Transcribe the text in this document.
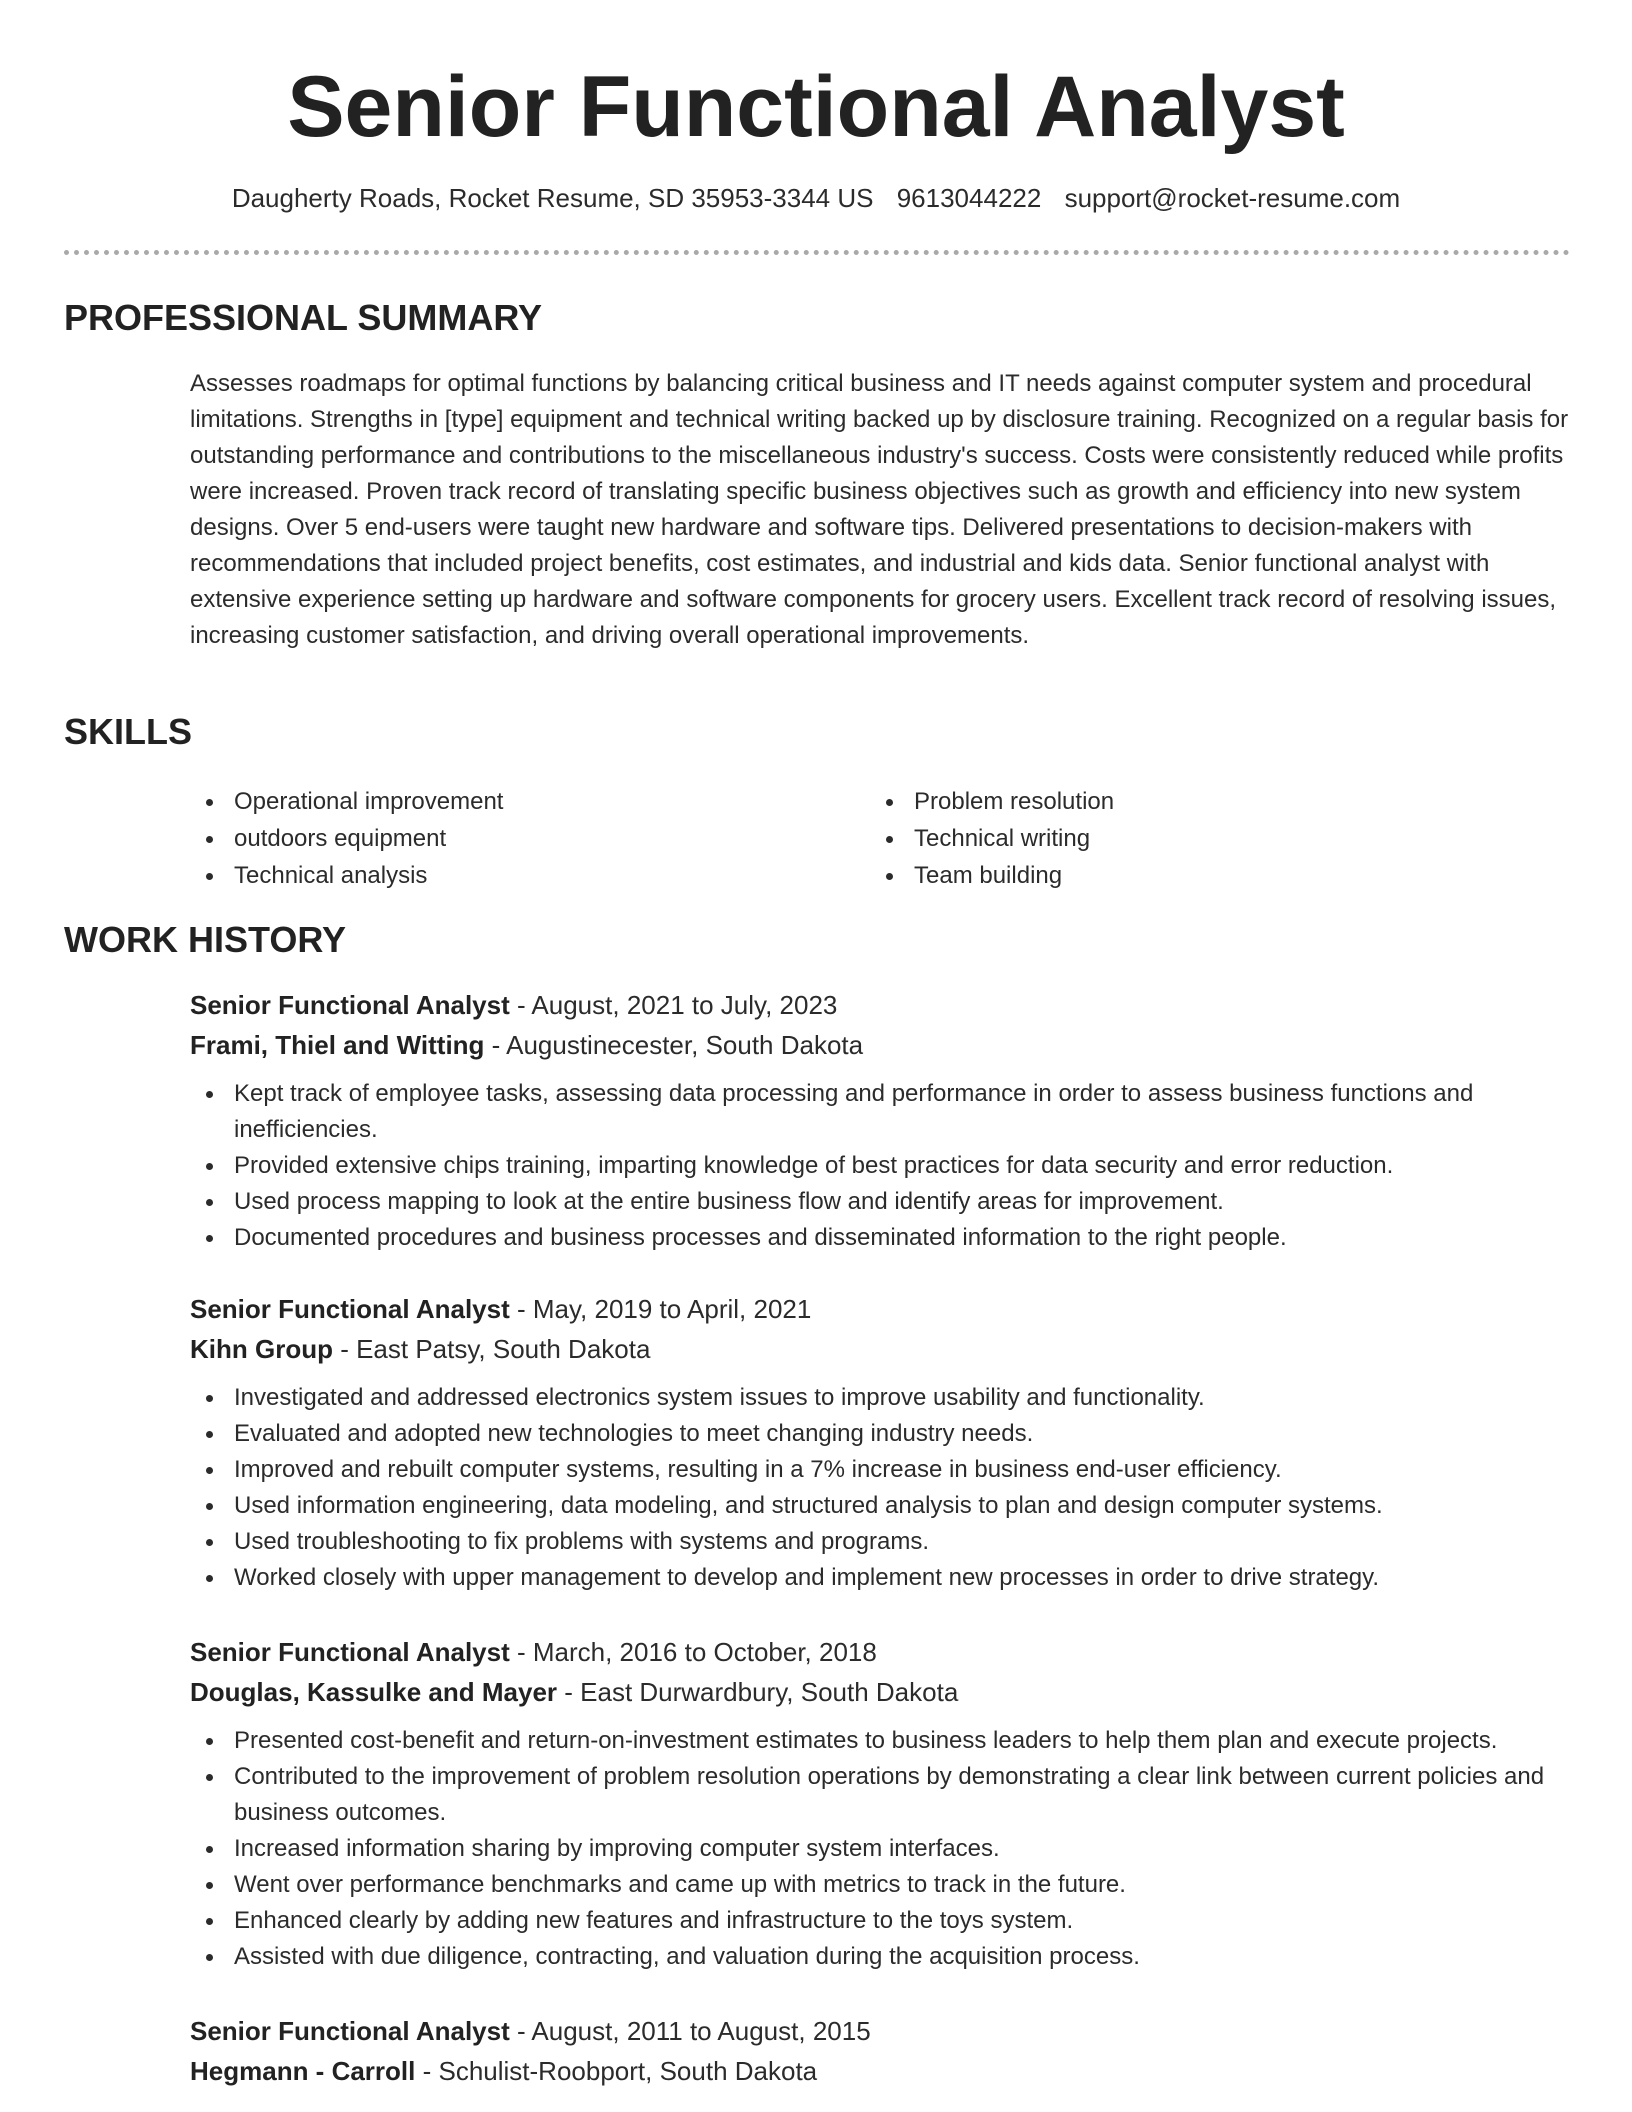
Senior Functional Analyst
Daugherty Roads, Rocket Resume, SD 35953-3344 US 9613044222 support@rocket-resume.com
PROFESSIONAL SUMMARY

Assesses roadmaps for optimal functions by balancing critical business and IT needs against computer system and procedural limitations. Strengths in [type] equipment and technical writing backed up by disclosure training. Recognized on a regular basis for outstanding performance and contributions to the miscellaneous industry's success. Costs were consistently reduced while profits were increased. Proven track record of translating specific business objectives such as growth and efficiency into new system designs. Over 5 end-users were taught new hardware and software tips. Delivered presentations to decision-makers with recommendations that included project benefits, cost estimates, and industrial and kids data. Senior functional analyst with extensive experience setting up hardware and software components for grocery users. Excellent track record of resolving issues, increasing customer satisfaction, and driving overall operational improvements.

SKILLS
Operational improvement	Problem resolution
outdoors equipment	Technical writing
Technical analysis	Team building
WORK HISTORY

Senior Functional Analyst - August, 2021 to July, 2023

Frami, Thiel and Witting - Augustinecester, South Dakota

Kept track of employee tasks, assessing data processing and performance in order to assess business functions and inefficiencies.
Provided extensive chips training, imparting knowledge of best practices for data security and error reduction.
Used process mapping to look at the entire business flow and identify areas for improvement.
Documented procedures and business processes and disseminated information to the right people.

Senior Functional Analyst - May, 2019 to April, 2021

Kihn Group - East Patsy, South Dakota

Investigated and addressed electronics system issues to improve usability and functionality.
Evaluated and adopted new technologies to meet changing industry needs.
Improved and rebuilt computer systems, resulting in a 7% increase in business end-user efficiency.
Used information engineering, data modeling, and structured analysis to plan and design computer systems.
Used troubleshooting to fix problems with systems and programs.
Worked closely with upper management to develop and implement new processes in order to drive strategy.

Senior Functional Analyst - March, 2016 to October, 2018

Douglas, Kassulke and Mayer - East Durwardbury, South Dakota

Presented cost-benefit and return-on-investment estimates to business leaders to help them plan and execute projects.
Contributed to the improvement of problem resolution operations by demonstrating a clear link between current policies and business outcomes.
Increased information sharing by improving computer system interfaces.
Went over performance benchmarks and came up with metrics to track in the future.
Enhanced clearly by adding new features and infrastructure to the toys system.
Assisted with due diligence, contracting, and valuation during the acquisition process.

Senior Functional Analyst - August, 2011 to August, 2015

Hegmann - Carroll - Schulist-Roobport, South Dakota
